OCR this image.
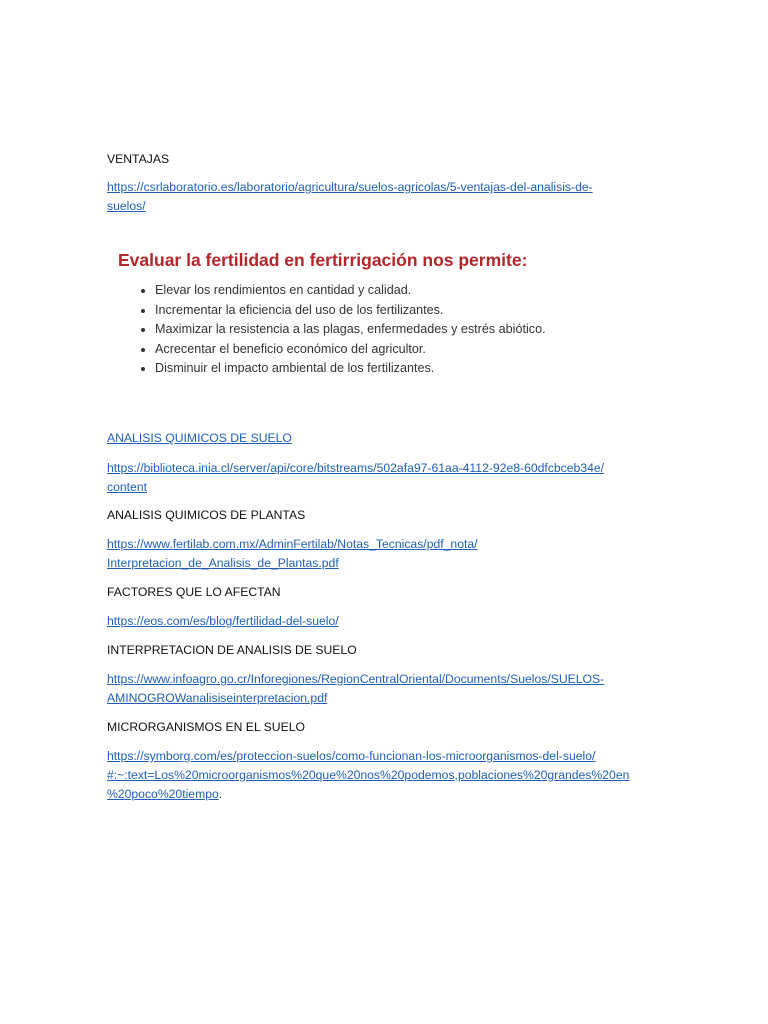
VENTAJAS
https://csrlaboratorio.es/laboratorio/agricultura/suelos-agricolas/5-ventajas-del-analisis-de-
suelos/
Evaluar la fertilidad en fertirrigación nos permite:
• Elevar los rendimientos en cantidad y calidad.
• Incrementar la eficiencia del uso de los fertilizantes.
• Maximizar la resistencia a las plagas, enfermedades y estrés abiótico.
• Acrecentar el beneficio económico del agricultor.
• Disminuir el impacto ambiental de los fertilizantes.
ANALISIS QUIMICOS DE SUELO
https://biblioteca.inia.cl/server/api/core/bitstreams/502afa97-61aa-4112-92e8-60dfcbceb34e/
content
ANALISIS QUIMICOS DE PLANTAS
https://www.fertilab.com.mx/AdminFertilab/Notas_Tecnicas/pdf_nota/
Interpretacion_de_Analisis_de_Plantas.pdf
FACTORES QUE LO AFECTAN
https://eos.com/es/blog/fertilidad-del-suelo/
INTERPRETACION DE ANALISIS DE SUELO
https://www.infoagro.go.cr/Inforegiones/RegionCentralOriental/Documents/Suelos/SUELOS-
AMINOGROWanalisiseinterpretacion.pdf
MICRORGANISMOS EN EL SUELO
https://symborg.com/es/proteccion-suelos/como-funcionan-los-microorganismos-del-suelo/
#:~:text=Los%20microorganismos%20que%20nos%20podemos,poblaciones%20grandes%20en
%20poco%20tiempo.
